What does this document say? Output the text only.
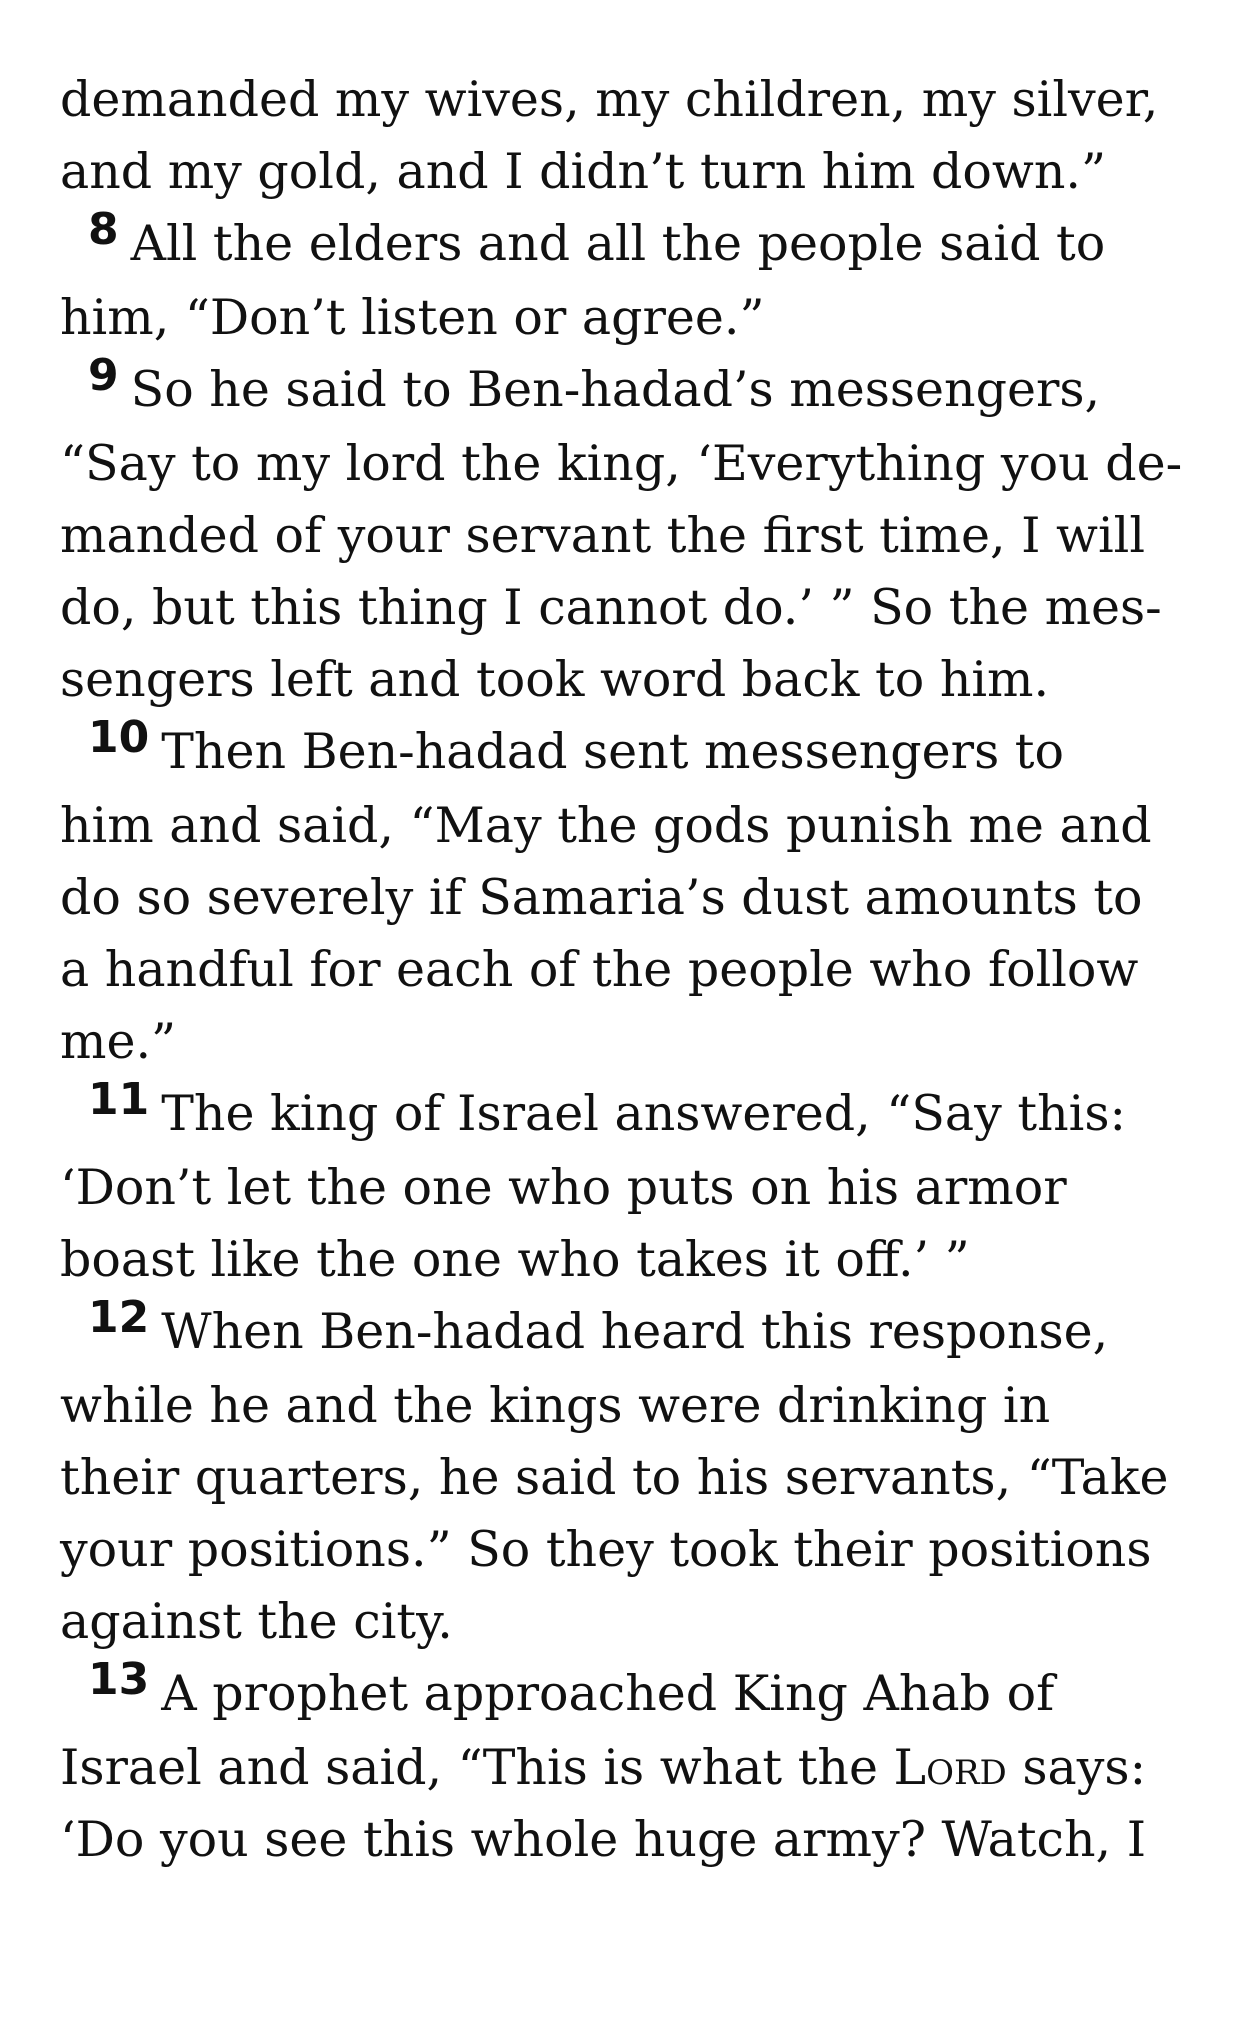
demanded my wives, my children, my silver,
and my gold, and I didn’t turn him down.”

8 All the elders and all the people said to
him, “Don’t listen or agree.”

9 So he said to Ben-hadad’s messengers,
“Say to my lord the king, ‘Everything you de-
manded of your servant the first time, I will
do, but this thing I cannot do.’ ” So the mes-
sengers left and took word back to him.

10 Then Ben-hadad sent messengers to
him and said, “May the gods punish me and
do so severely if Samaria’s dust amounts to
a handful for each of the people who follow
me.”

11 The king of Israel answered, “Say this:
‘Don’t let the one who puts on his armor
boast like the one who takes it off.’ ”

12 When Ben-hadad heard this response,
while he and the kings were drinking in
their quarters, he said to his servants, “Take
your positions.” So they took their positions
against the city.

13 A prophet approached King Ahab of
Israel and said, “This is what the Lord says:
‘Do you see this whole huge army? Watch, I
